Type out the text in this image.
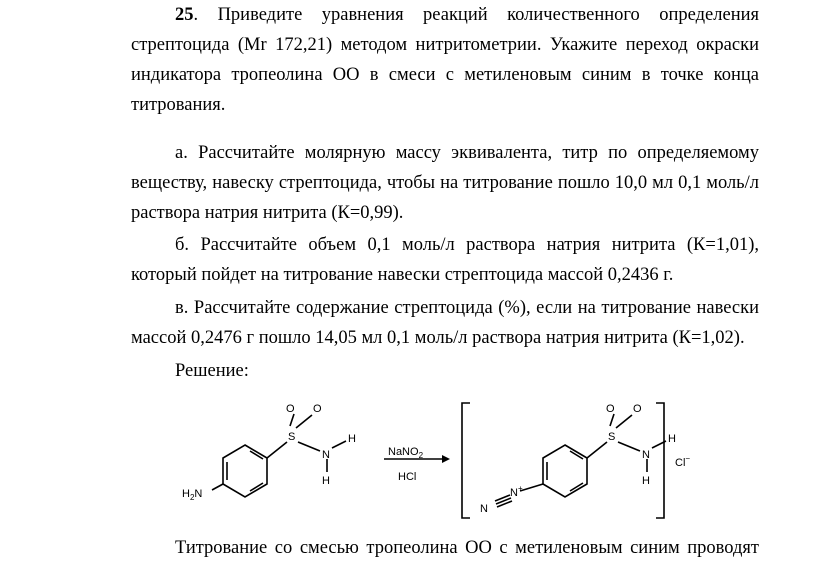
25. Приведите уравнения реакций количественного определения
стрептоцида (Mr 172,21) методом нитритометрии. Укажите переход окраски
индикатора тропеолина ОО в смеси с метиленовым синим в точке конца
титрования.
а. Рассчитайте молярную массу эквивалента, титр по определяемому
веществу, навеску стрептоцида, чтобы на титрование пошло 10,0 мл 0,1 моль/л
раствора натрия нитрита (К=0,99).
б. Рассчитайте объем 0,1 моль/л раствора натрия нитрита (К=1,01),
который пойдет на титрование навески стрептоцида массой 0,2436 г.
в. Рассчитайте содержание стрептоцида (%), если на титрование навески
массой 0,2476 г пошло 14,05 мл 0,1 моль/л раствора натрия нитрита (К=1,02).
Решение:
O O
S
N
H
H
$H_2N$
NaNO$_2$
HCl
O O
S
N
H
H
N+
N
Cl−
Титрование со смесью тропеолина ОО с метиленовым синим проводят
